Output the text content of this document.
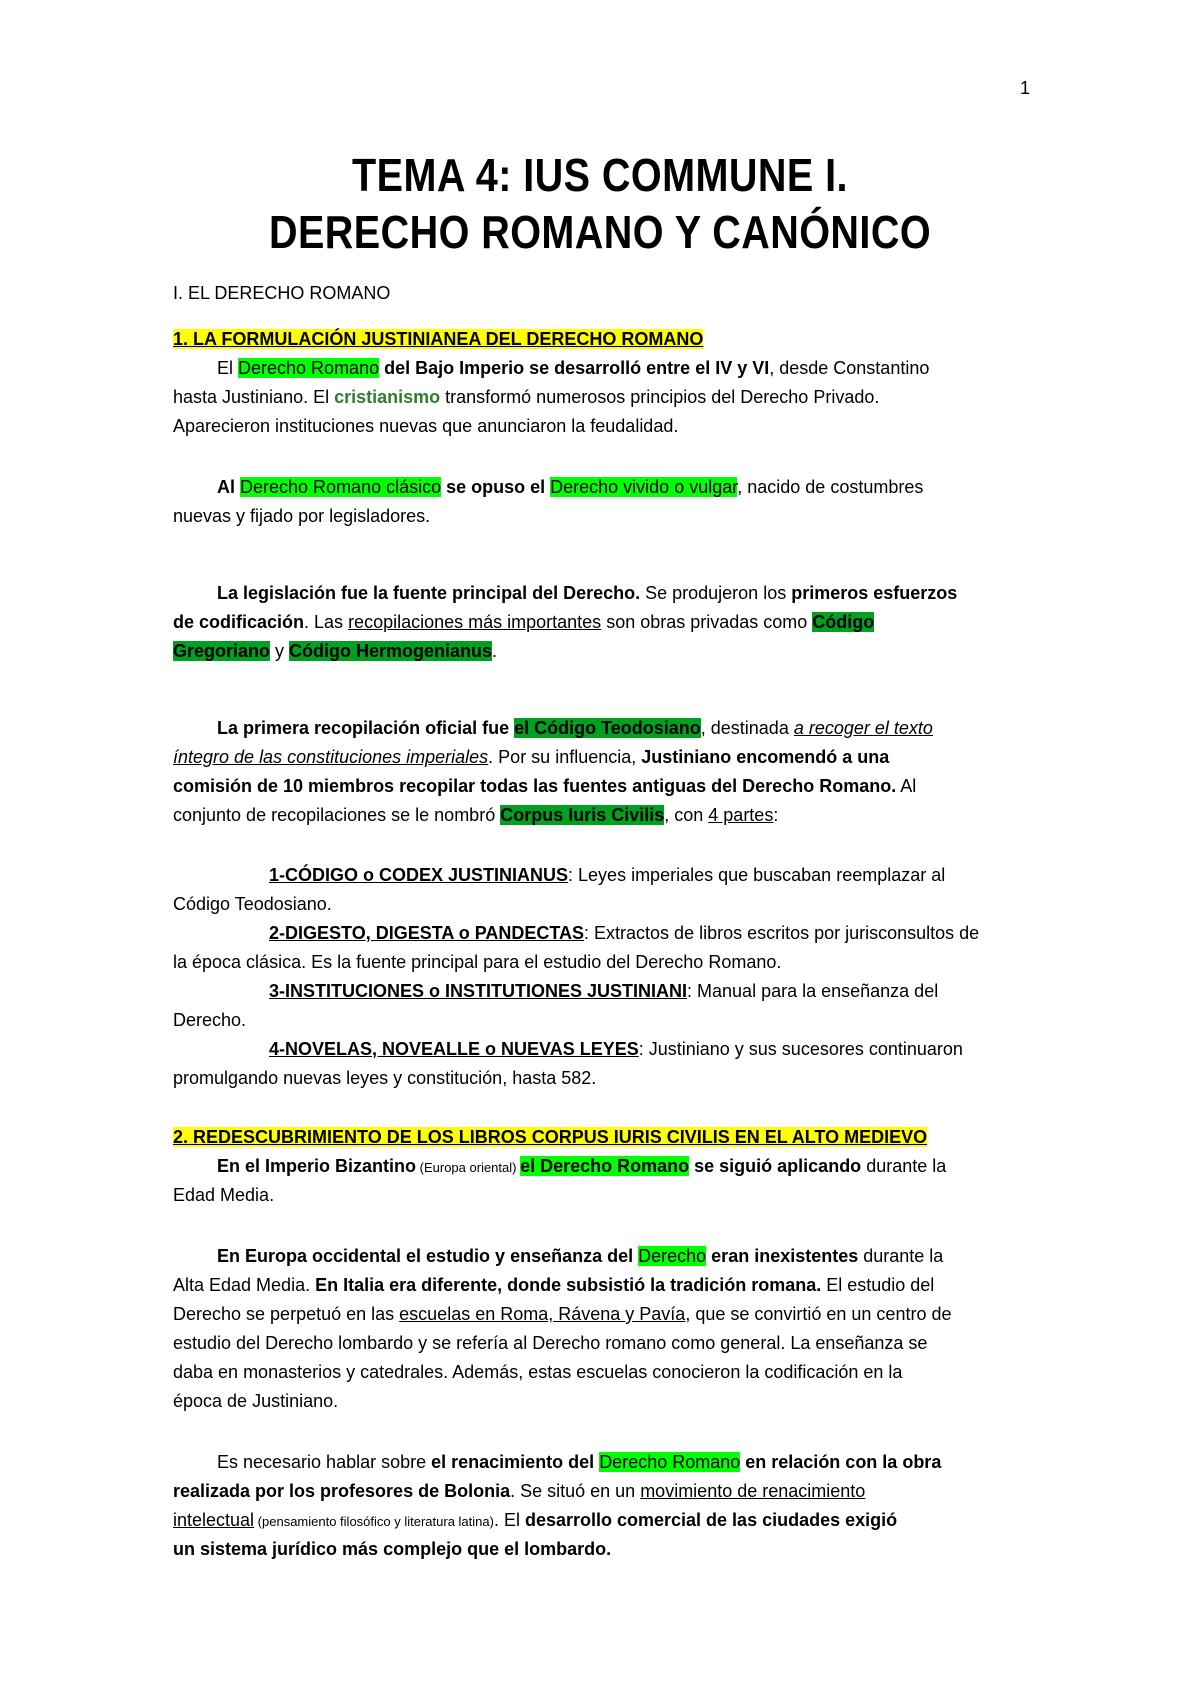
1
TEMA 4: IUS COMMUNE I.
DERECHO ROMANO Y CANÓNICO
I. EL DERECHO ROMANO
1. LA FORMULACIÓN JUSTINIANEA DEL DERECHO ROMANO
El Derecho Romano del Bajo Imperio se desarrolló entre el IV y VI, desde Constantino
hasta Justiniano. El cristianismo transformó numerosos principios del Derecho Privado.
Aparecieron instituciones nuevas que anunciaron la feudalidad.
Al Derecho Romano clásico se opuso el Derecho vivido o vulgar, nacido de costumbres
nuevas y fijado por legisladores.
La legislación fue la fuente principal del Derecho. Se produjeron los primeros esfuerzos
de codificación. Las recopilaciones más importantes son obras privadas como Código
Gregoriano y Código Hermogenianus.
La primera recopilación oficial fue el Código Teodosiano, destinada a recoger el texto
íntegro de las constituciones imperiales. Por su influencia, Justiniano encomendó a una
comisión de 10 miembros recopilar todas las fuentes antiguas del Derecho Romano. Al
conjunto de recopilaciones se le nombró Corpus Iuris Civilis, con 4 partes:
1-CÓDIGO o CODEX JUSTINIANUS: Leyes imperiales que buscaban reemplazar al
Código Teodosiano.
2-DIGESTO, DIGESTA o PANDECTAS: Extractos de libros escritos por jurisconsultos de
la época clásica. Es la fuente principal para el estudio del Derecho Romano.
3-INSTITUCIONES o INSTITUTIONES JUSTINIANI: Manual para la enseñanza del
Derecho.
4-NOVELAS, NOVEALLE o NUEVAS LEYES: Justiniano y sus sucesores continuaron
promulgando nuevas leyes y constitución, hasta 582.
2. REDESCUBRIMIENTO DE LOS LIBROS CORPUS IURIS CIVILIS EN EL ALTO MEDIEVO
En el Imperio Bizantino (Europa oriental) el Derecho Romano se siguió aplicando durante la
Edad Media.
En Europa occidental el estudio y enseñanza del Derecho eran inexistentes durante la
Alta Edad Media. En Italia era diferente, donde subsistió la tradición romana. El estudio del
Derecho se perpetuó en las escuelas en Roma, Rávena y Pavía, que se convirtió en un centro de
estudio del Derecho lombardo y se refería al Derecho romano como general. La enseñanza se
daba en monasterios y catedrales. Además, estas escuelas conocieron la codificación en la
época de Justiniano.
Es necesario hablar sobre el renacimiento del Derecho Romano en relación con la obra
realizada por los profesores de Bolonia. Se situó en un movimiento de renacimiento
intelectual (pensamiento filosófico y literatura latina). El desarrollo comercial de las ciudades exigió
un sistema jurídico más complejo que el lombardo.
